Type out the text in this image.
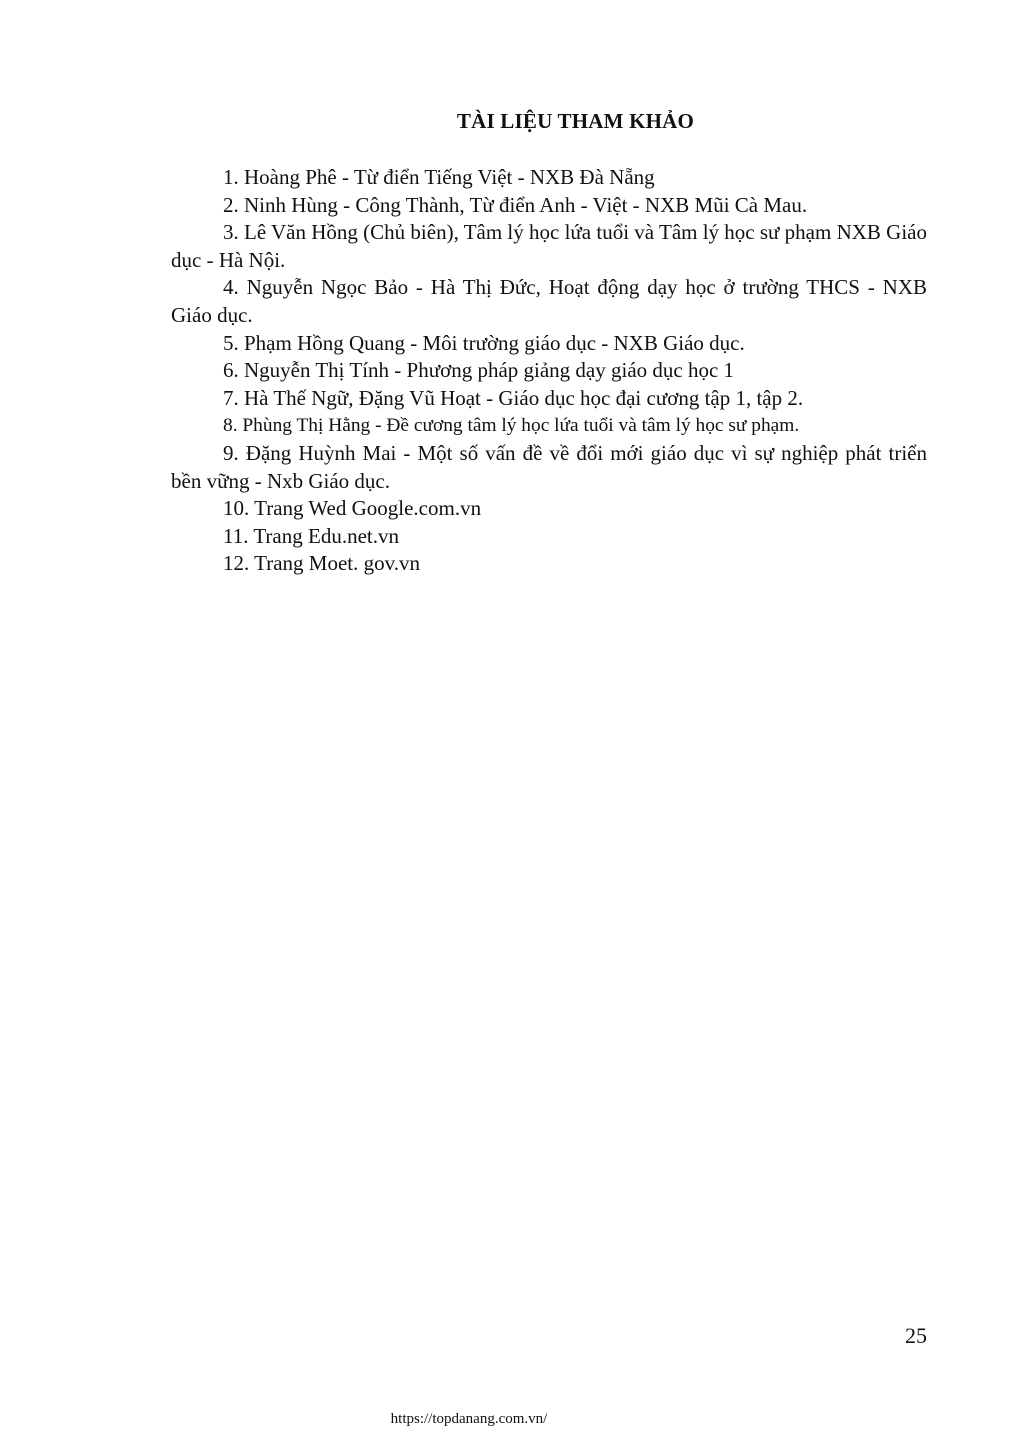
TÀI LIỆU THAM KHẢO

1. Hoàng Phê - Từ điển Tiếng Việt - NXB Đà Nẵng

2. Ninh Hùng - Công Thành, Từ điển Anh - Việt - NXB Mũi Cà Mau.

3. Lê Văn Hồng (Chủ biên), Tâm lý học lứa tuổi và Tâm lý học sư phạm NXB Giáo dục - Hà Nội.

4. Nguyễn Ngọc Bảo - Hà Thị Đức, Hoạt động dạy học ở trường THCS - NXB Giáo dục.

5. Phạm Hồng Quang - Môi trường giáo dục - NXB Giáo dục.

6. Nguyễn Thị Tính - Phương pháp giảng dạy giáo dục học 1

7. Hà Thế Ngữ, Đặng Vũ Hoạt - Giáo dục học đại cương tập 1, tập 2.

8. Phùng Thị Hằng - Đề cương tâm lý học lứa tuổi và tâm lý học sư phạm.

9. Đặng Huỳnh Mai - Một số vấn đề về đổi mới giáo dục vì sự nghiệp phát triển bền vững - Nxb Giáo dục.

10. Trang Wed Google.com.vn

11. Trang Edu.net.vn

12. Trang Moet. gov.vn

25
https://topdanang.com.vn/
